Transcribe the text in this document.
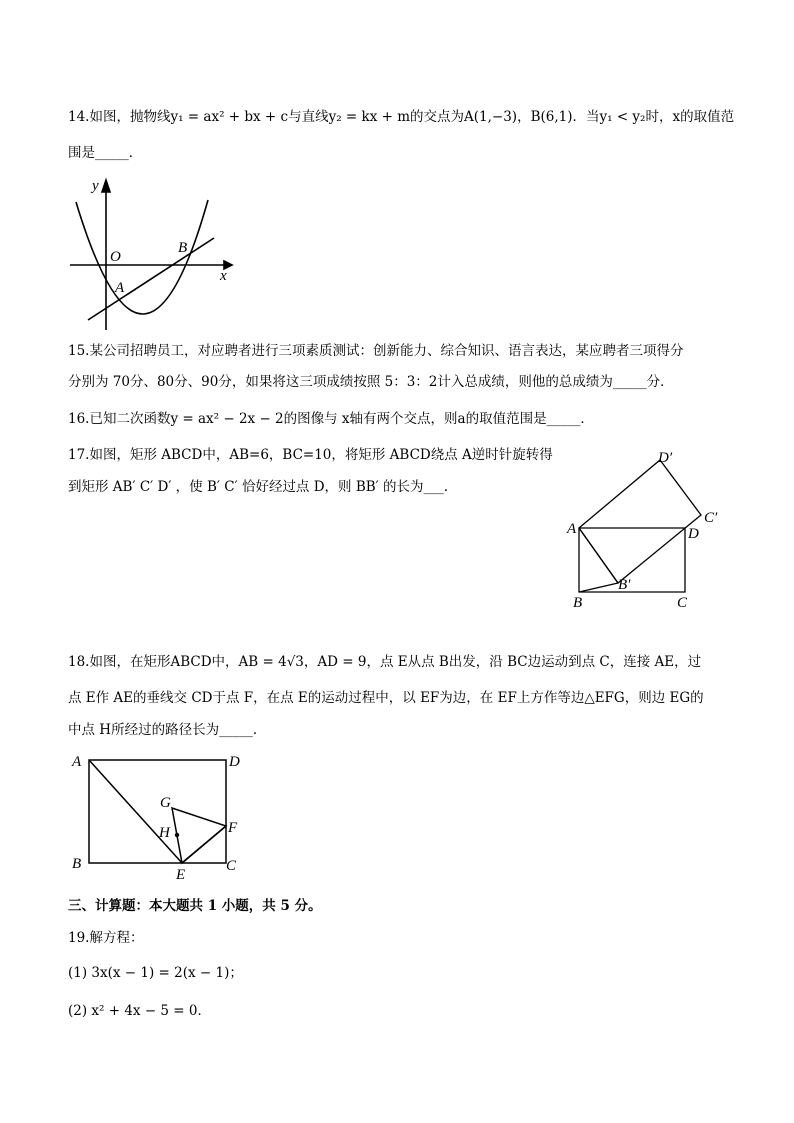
14.如图，抛物线y₁ = ax² + bx + c与直线y₂ = kx + m的交点为A(1,−3)，B(6,1)．当y₁ < y₂时，x的取值范
围是_____．
y
O
x
A
B
15.某公司招聘员工，对应聘者进行三项素质测试：创新能力、综合知识、语言表达，某应聘者三项得分
分别为 70分、80分、90分，如果将这三项成绩按照 5：3：2计入总成绩，则他的总成绩为_____分．
16.已知二次函数y = ax² − 2x − 2的图像与 x轴有两个交点，则a的取值范围是_____．
17.如图，矩形 ABCD中，AB=6，BC=10，将矩形 ABCD绕点 A逆时针旋转得
到矩形 AB′ C′ D′ ，使 B′ C′ 恰好经过点 D，则 BB′ 的长为___.
D′
C′
A	D
B′
B	C
18.如图，在矩形ABCD中，AB = 4√3，AD = 9，点 E从点 B出发，沿 BC边运动到点 C，连接 AE，过
点 E作 AE的垂线交 CD于点 F，在点 E的运动过程中，以 EF为边，在 EF上方作等边△EFG，则边 EG的
中点 H所经过的路径长为_____．
A	D
G
H	F
B
E
C
三、计算题：本大题共 1 小题，共 5 分。
19.解方程：
(1) 3x(x − 1) = 2(x − 1)；
(2) x² + 4x − 5 = 0．
